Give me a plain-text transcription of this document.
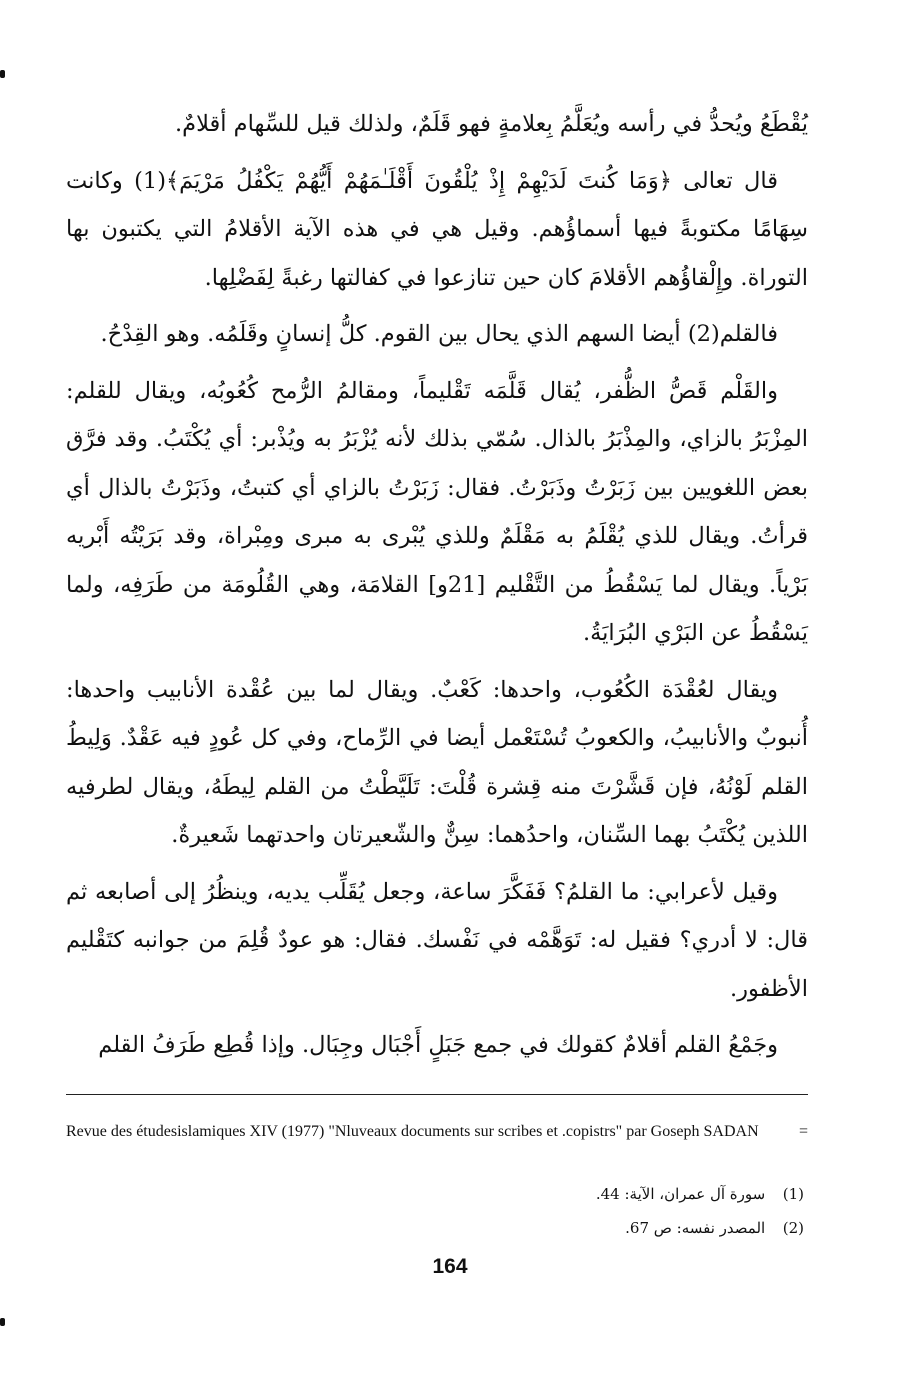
يُقْطَعُ ويُحدُّ في رأسه ويُعَلَّمُ بِعلامةٍ فهو قَلَمٌ، ولذلك قيل للسِّهام أقلامٌ.

قال تعالى ﴿وَمَا كُنتَ لَدَيْهِمْ إِذْ يُلْقُونَ أَقْلَـٰمَهُمْ أَيُّهُمْ يَكْفُلُ مَرْيَمَ﴾(1) وكانت سِهَامًا مكتوبةً فيها أسماؤُهم. وقيل هي في هذه الآية الأقلامُ التي يكتبون بها التوراة. وإِلْقاؤُهم الأقلامَ كان حين تنازعوا في كفالتها رغبةً لِفَضْلِها.

فالقلم(2) أيضا السهم الذي يحال بين القوم. كلُّ إنسانٍ وقَلَمُه. وهو القِدْحُ.

والقَلْم قَصُّ الظُّفر، يُقال قَلَّمَه تَقْليماً، ومقالمُ الرُّمح كُعُوبُه، ويقال للقلم: المِزْبَرُ بالزاي، والمِذْبَرُ بالذال. سُمّي بذلك لأنه يُزْبَرُ به ويُذْبر: أي يُكْتَبُ. وقد فرَّق بعض اللغويين بين زَبَرْتُ وذَبَرْتُ. فقال: زَبَرْتُ بالزاي أي كتبتُ، وذَبَرْتُ بالذال أي قرأتُ. ويقال للذي يُقْلَمُ به مَقْلَمٌ وللذي يُبْرى به مبرى ومِبْراة، وقد بَرَيْتُه أَبْريه بَرْياً. ويقال لما يَسْقُطُ من التَّقْليم [21و] القلامَة، وهي القُلُومَة من طَرَفِه، ولما يَسْقُطُ عن البَرْي البُرَايَةُ.

ويقال لعُقْدَة الكُعُوب، واحدها: كَعْبٌ. ويقال لما بين عُقْدة الأنابيب واحدها: أُنبوبٌ والأنابيبُ، والكعوبُ تُسْتَعْمل أيضا في الرِّماح، وفي كل عُودٍ فيه عَقْدٌ. وَلِيطُ القلم لَوْنُهُ، فإن قَشَّرْتَ منه قِشرة قُلْتَ: تَلَيَّطْتُ من القلم لِيطَهُ، ويقال لطرفيه اللذين يُكْتَبُ بهما السِّنان، واحدُهما: سِنٌّ والشّعيرتان واحدتهما شَعيرةٌ.

وقيل لأعرابي: ما القلمُ؟ فَفَكَّرَ ساعة، وجعل يُقَلِّب يديه، وينظُرُ إلى أصابعه ثم قال: لا أدري؟ فقيل له: تَوَهَّمْه في نَفْسك. فقال: هو عودٌ قُلِمَ من جوانبه كتَقْليم الأظفور.

وجَمْعُ القلم أقلامٌ كقولك في جمع جَبَلٍ أَجْبَال وجِبَال. وإذا قُطِع طَرَفُ القلم

Revue des étudesislamiques XIV (1977) "Nluveaux documents sur scribes et .copistrs" par Goseph SADAN	=
(1) سورة آل عمران، الآية: 44.
(2) المصدر نفسه: ص 67.
164
